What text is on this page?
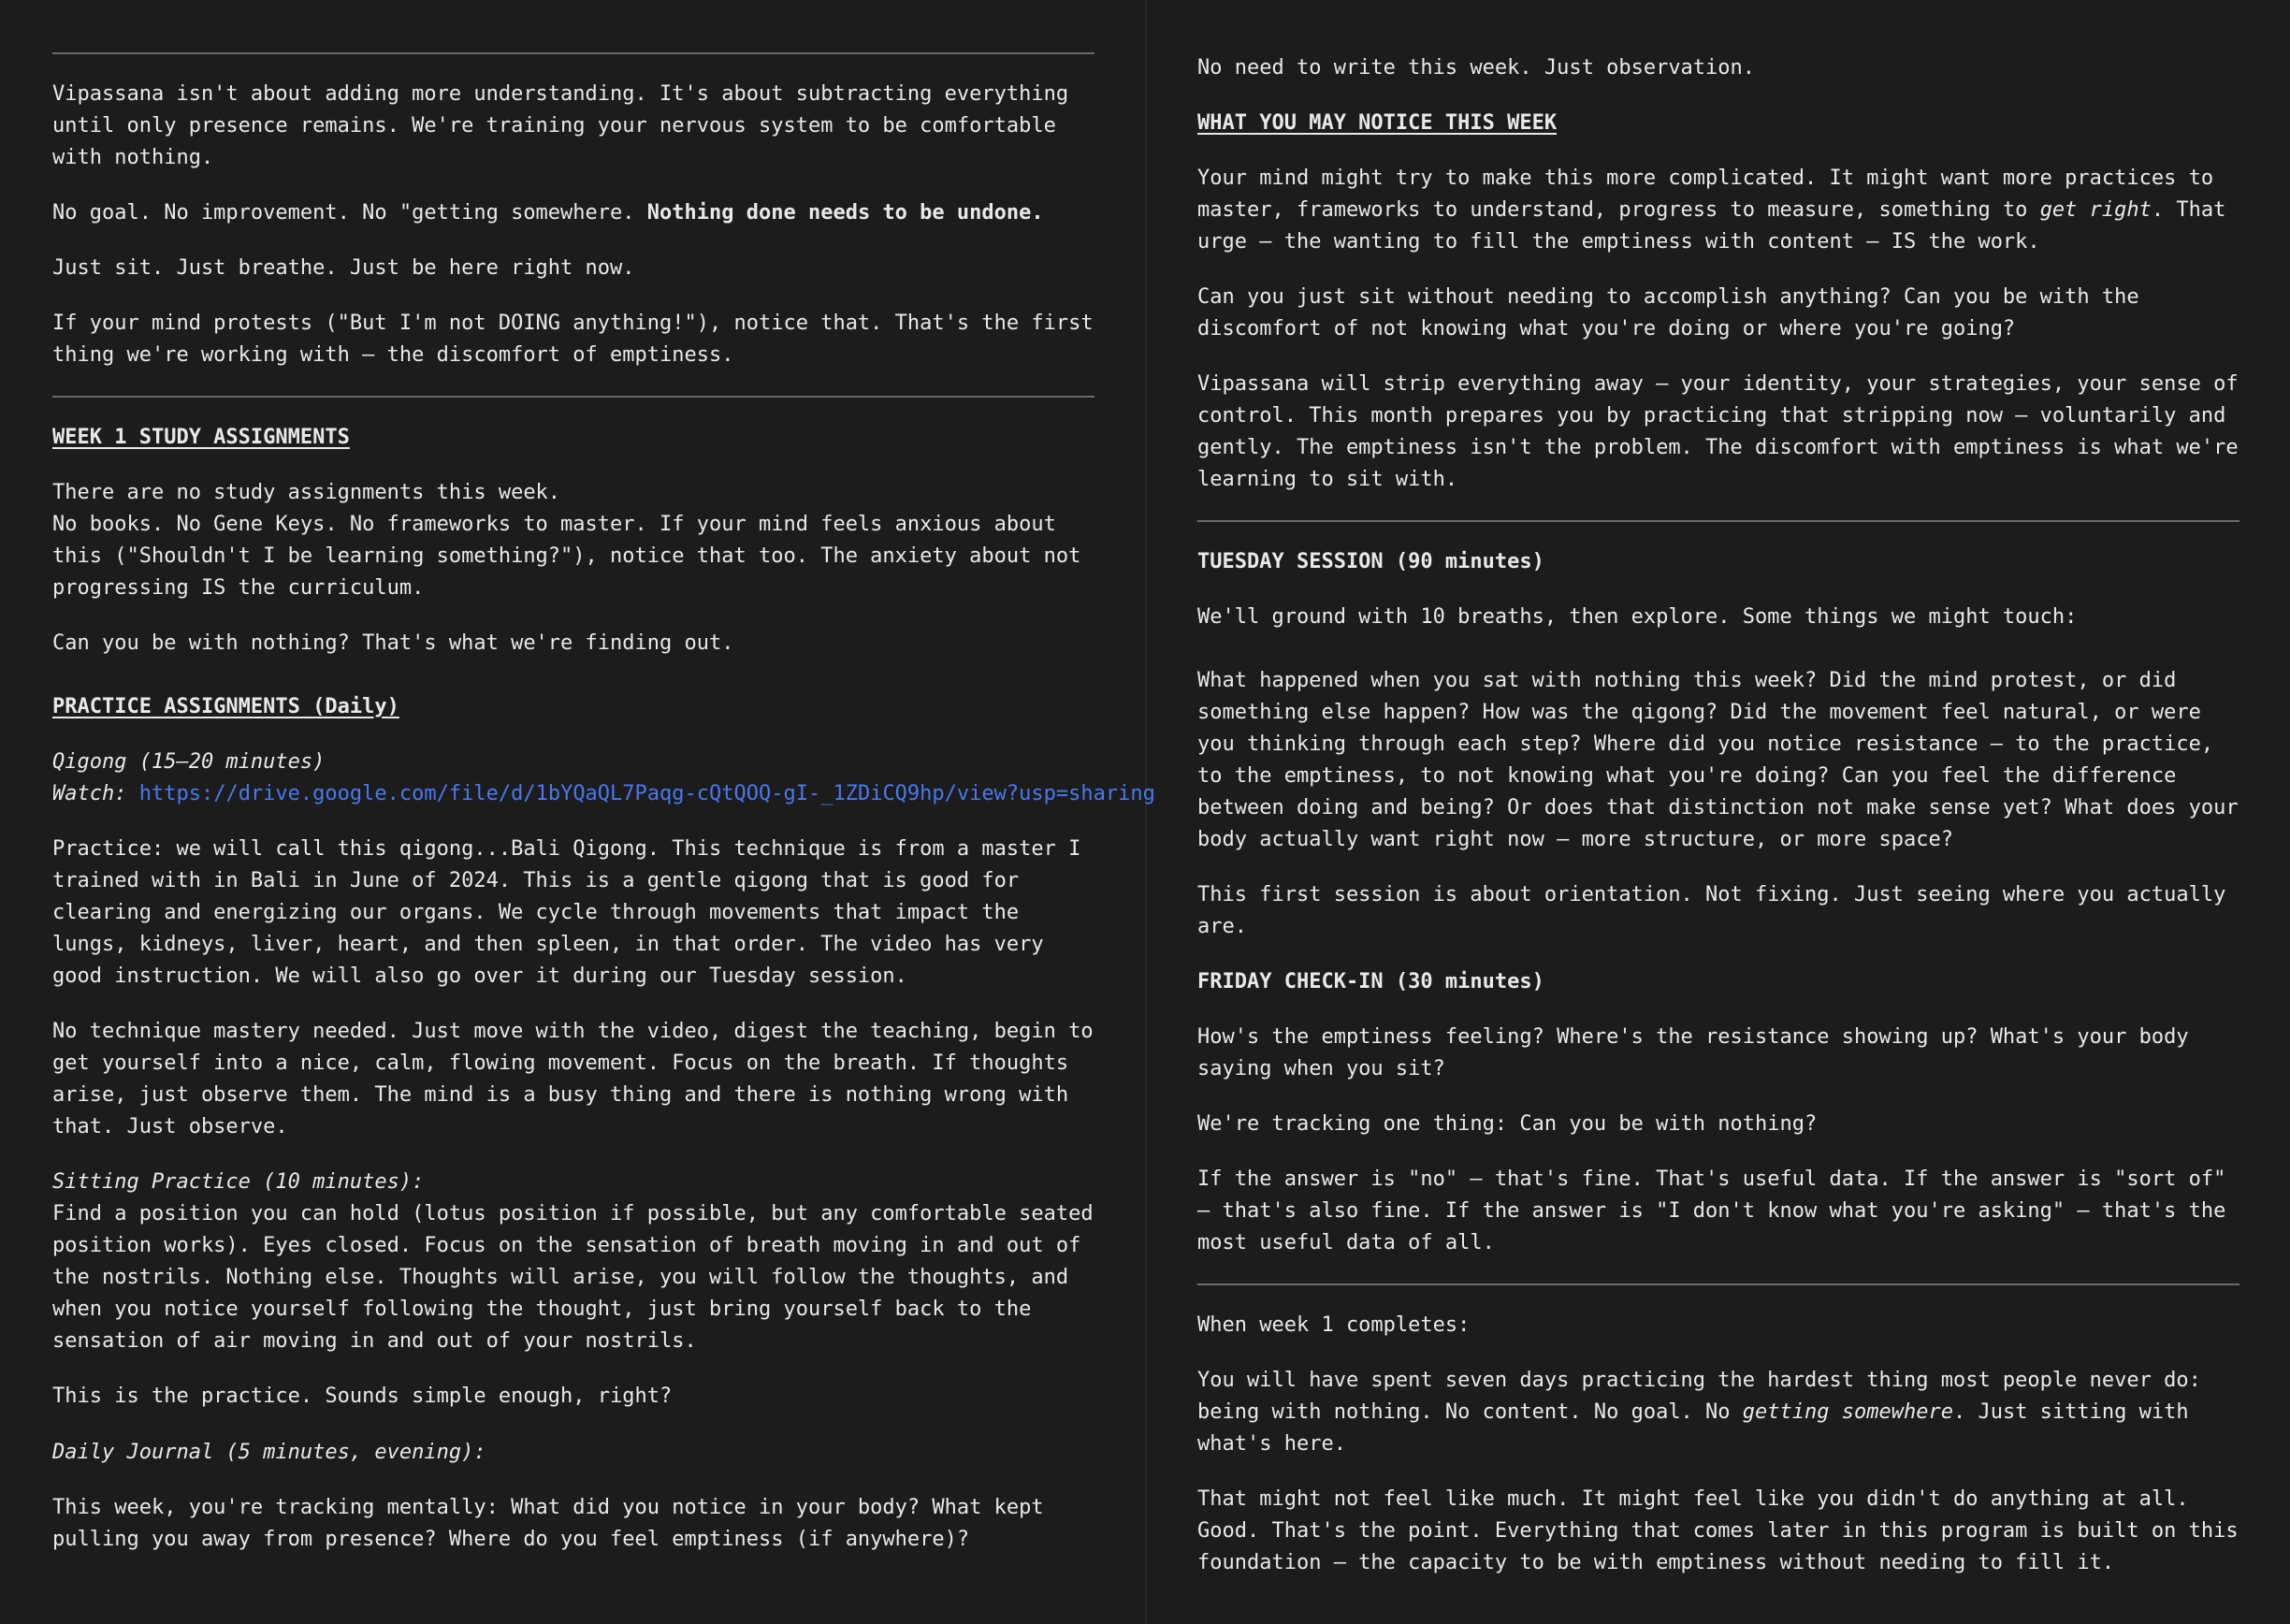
Vipassana isn't about adding more understanding. It's about subtracting everything until only presence remains. We're training your nervous system to be comfortable with nothing.

No goal. No improvement. No "getting somewhere. Nothing done needs to be undone.

Just sit. Just breathe. Just be here right now.

If your mind protests ("But I'm not DOING anything!"), notice that. That's the first thing we're working with — the discomfort of emptiness.

WEEK 1 STUDY ASSIGNMENTS

There are no study assignments this week.

No books. No Gene Keys. No frameworks to master. If your mind feels anxious about this ("Shouldn't I be learning something?"), notice that too. The anxiety about not progressing IS the curriculum.

Can you be with nothing? That's what we're finding out.

PRACTICE ASSIGNMENTS (Daily)

Qigong (15–20 minutes)

Watch: https://drive.google.com/file/d/1bYQaQL7Paqg-cQtQOQ-gI-_1ZDiCQ9hp/view?usp=sharing

Practice: we will call this qigong...Bali Qigong. This technique is from a master I trained with in Bali in June of 2024. This is a gentle qigong that is good for clearing and energizing our organs. We cycle through movements that impact the lungs, kidneys, liver, heart, and then spleen, in that order. The video has very good instruction. We will also go over it during our Tuesday session.

No technique mastery needed. Just move with the video, digest the teaching, begin to get yourself into a nice, calm, flowing movement. Focus on the breath. If thoughts arise, just observe them. The mind is a busy thing and there is nothing wrong with that. Just observe.

Sitting Practice (10 minutes):

Find a position you can hold (lotus position if possible, but any comfortable seated position works). Eyes closed. Focus on the sensation of breath moving in and out of the nostrils. Nothing else. Thoughts will arise, you will follow the thoughts, and when you notice yourself following the thought, just bring yourself back to the sensation of air moving in and out of your nostrils.

This is the practice. Sounds simple enough, right?

Daily Journal (5 minutes, evening):

This week, you're tracking mentally: What did you notice in your body? What kept pulling you away from presence? Where do you feel emptiness (if anywhere)?

No need to write this week. Just observation.

WHAT YOU MAY NOTICE THIS WEEK

Your mind might try to make this more complicated. It might want more practices to master, frameworks to understand, progress to measure, something to get right. That urge — the wanting to fill the emptiness with content — IS the work.

Can you just sit without needing to accomplish anything? Can you be with the discomfort of not knowing what you're doing or where you're going?

Vipassana will strip everything away — your identity, your strategies, your sense of control. This month prepares you by practicing that stripping now — voluntarily and gently. The emptiness isn't the problem. The discomfort with emptiness is what we're learning to sit with.

TUESDAY SESSION (90 minutes)

We'll ground with 10 breaths, then explore. Some things we might touch:

What happened when you sat with nothing this week? Did the mind protest, or did something else happen? How was the qigong? Did the movement feel natural, or were you thinking through each step? Where did you notice resistance — to the practice, to the emptiness, to not knowing what you're doing? Can you feel the difference between doing and being? Or does that distinction not make sense yet? What does your body actually want right now — more structure, or more space?

This first session is about orientation. Not fixing. Just seeing where you actually are.

FRIDAY CHECK-IN (30 minutes)

How's the emptiness feeling? Where's the resistance showing up? What's your body saying when you sit?

We're tracking one thing: Can you be with nothing?

If the answer is "no" — that's fine. That's useful data. If the answer is "sort of" — that's also fine. If the answer is "I don't know what you're asking" — that's the most useful data of all.

When week 1 completes:

You will have spent seven days practicing the hardest thing most people never do: being with nothing. No content. No goal. No getting somewhere. Just sitting with what's here.

That might not feel like much. It might feel like you didn't do anything at all. Good. That's the point. Everything that comes later in this program is built on this foundation — the capacity to be with emptiness without needing to fill it.
